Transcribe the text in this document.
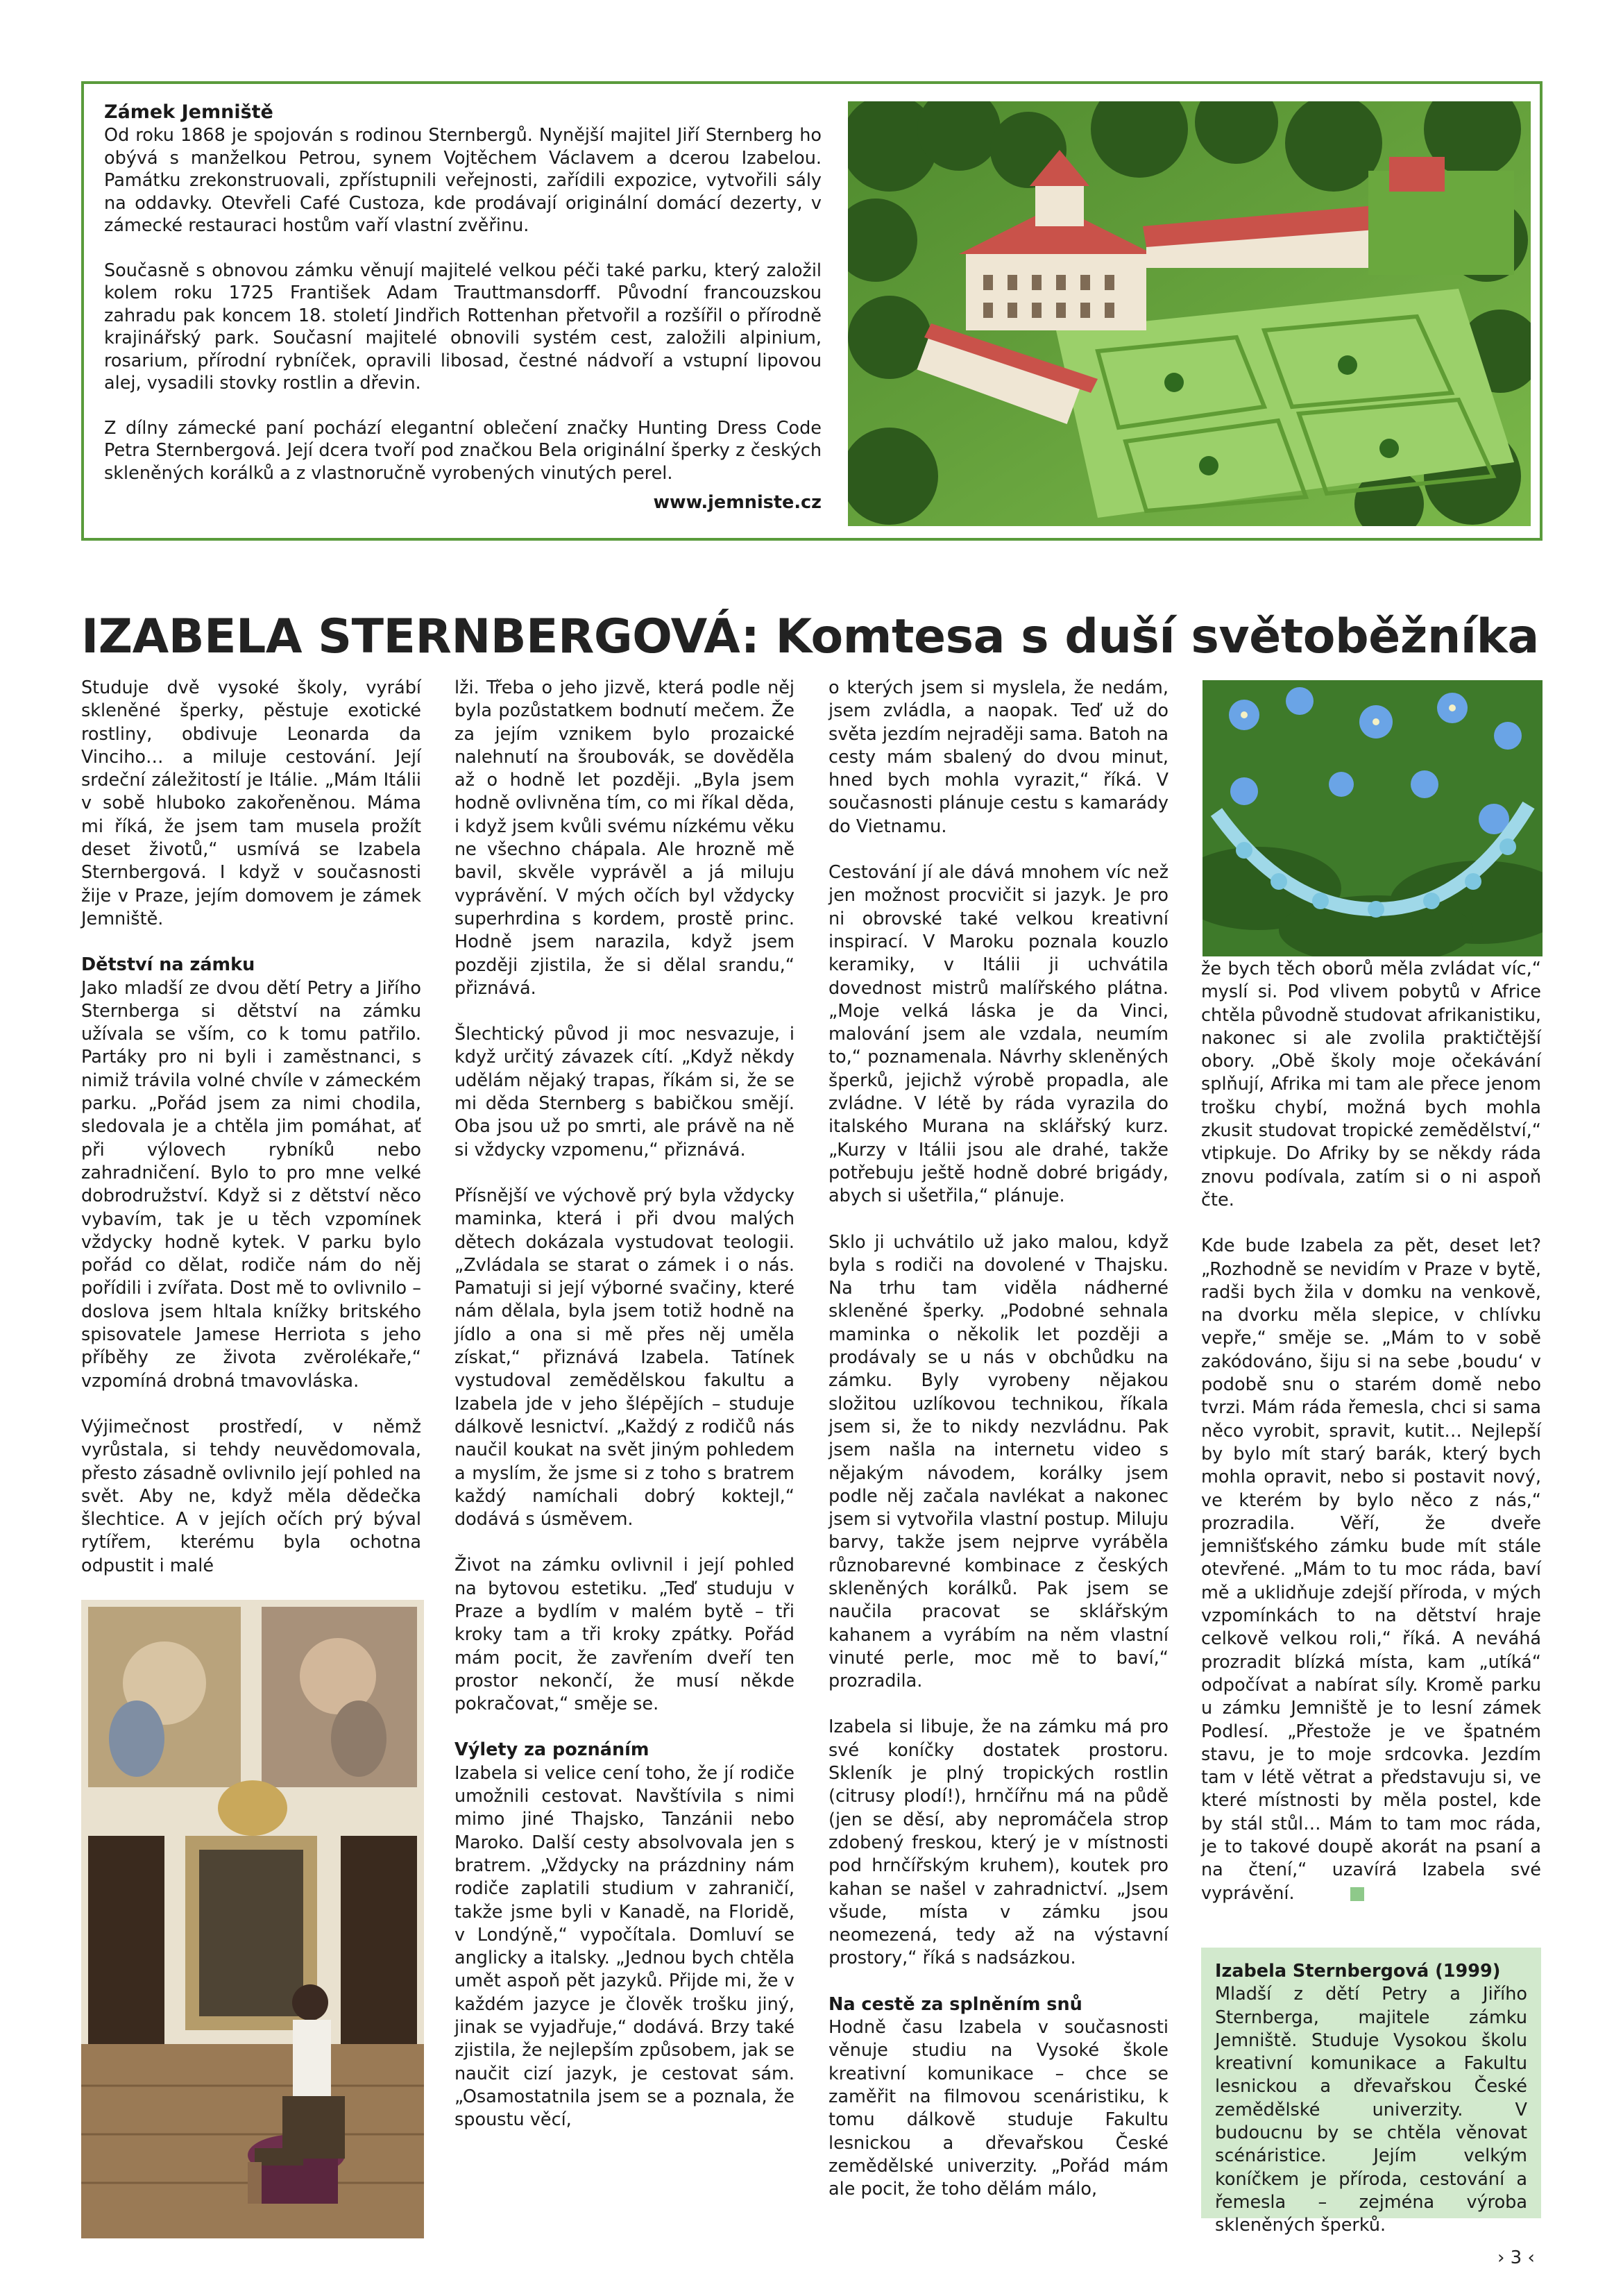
Zámek Jemniště

Od roku 1868 je spojován s rodinou Sternbergů. Nynější majitel Jiří Sternberg ho obývá s manželkou Petrou, synem Vojtěchem Václavem a dcerou Izabelou. Památku zrekonstruovali, zpřístupnili veřejnosti, zařídili expozice, vytvořili sály na oddavky. Otevřeli Café Custoza, kde prodávají originální domácí dezerty, v zámecké restauraci hostům vaří vlastní zvěřinu.

Současně s obnovou zámku věnují majitelé velkou péči také parku, který založil kolem roku 1725 František Adam Trauttmansdorff. Původní francouzskou zahradu pak koncem 18. století Jindřich Rottenhan přetvořil a rozšířil o přírodně krajinářský park. Současní majitelé obnovili systém cest, založili alpinium, rosarium, přírodní rybníček, opravili libosad, čestné nádvoří a vstupní lipovou alej, vysadili stovky rostlin a dřevin.

Z dílny zámecké paní pochází elegantní oblečení značky Hunting Dress Code Petra Sternbergová. Její dcera tvoří pod značkou Bela originální šperky z českých skleněných korálků a z vlastnoručně vyrobených vinutých perel.

www.jemniste.cz
IZABELA STERNBERGOVÁ: Komtesa s duší světoběžníka

Studuje dvě vysoké školy, vyrábí skleněné šperky, pěstuje exotické rostliny, obdivuje Leonarda da Vinciho… a miluje cestování. Její srdeční záležitostí je Itálie. „Mám Itálii v sobě hluboko zakořeněnou. Máma mi říká, že jsem tam musela prožít deset životů,“ usmívá se Izabela Sternbergová. I když v současnosti žije v Praze, jejím domovem je zámek Jemniště.

Dětství na zámku

Jako mladší ze dvou dětí Petry a Jiřího Sternberga si dětství na zámku užívala se vším, co k tomu patřilo. Partáky pro ni byli i zaměstnanci, s nimiž trávila volné chvíle v zámeckém parku. „Pořád jsem za nimi chodila, sledovala je a chtěla jim pomáhat, ať při výlovech rybníků nebo zahradničení. Bylo to pro mne velké dobrodružství. Když si z dětství něco vybavím, tak je u těch vzpomínek vždycky hodně kytek. V parku bylo pořád co dělat, rodiče nám do něj pořídili i zvířata. Dost mě to ovlivnilo – doslova jsem hltala knížky britského spisovatele Jamese Herriota s jeho příběhy ze života zvěrolékaře,“ vzpomíná drobná tmavovláska.

Výjimečnost prostředí, v němž vyrůstala, si tehdy neuvědomovala, přesto zásadně ovlivnilo její pohled na svět. Aby ne, když měla dědečka šlechtice. A v jejích očích prý býval rytířem, kterému byla ochotna odpustit i malé

lži. Třeba o jeho jizvě, která podle něj byla pozůstatkem bodnutí mečem. Že za jejím vznikem bylo prozaické nalehnutí na šroubovák, se dověděla až o hodně let později. „Byla jsem hodně ovlivněna tím, co mi říkal děda, i když jsem kvůli svému nízkému věku ne všechno chápala. Ale hrozně mě bavil, skvěle vyprávěl a já miluju vyprávění. V mých očích byl vždycky superhrdina s kordem, prostě princ. Hodně jsem narazila, když jsem později zjistila, že si dělal srandu,“ přiznává.

Šlechtický původ ji moc nesvazuje, i když určitý závazek cítí. „Když někdy udělám nějaký trapas, říkám si, že se mi děda Sternberg s babičkou smějí. Oba jsou už po smrti, ale právě na ně si vždycky vzpomenu,“ přiznává.

Přísnější ve výchově prý byla vždycky maminka, která i při dvou malých dětech dokázala vystudovat teologii. „Zvládala se starat o zámek i o nás. Pamatuji si její výborné svačiny, které nám dělala, byla jsem totiž hodně na jídlo a ona si mě přes něj uměla získat,“ přiznává Izabela. Tatínek vystudoval zemědělskou fakultu a Izabela jde v jeho šlépějích – studuje dálkově lesnictví. „Každý z rodičů nás naučil koukat na svět jiným pohledem a myslím, že jsme si z toho s bratrem každý namíchali dobrý koktejl,“ dodává s úsměvem.

Život na zámku ovlivnil i její pohled na bytovou estetiku. „Teď studuju v Praze a bydlím v malém bytě – tři kroky tam a tři kroky zpátky. Pořád mám pocit, že zavřením dveří ten prostor nekončí, že musí někde pokračovat,“ směje se.

Výlety za poznáním

Izabela si velice cení toho, že jí rodiče umožnili cestovat. Navštívila s nimi mimo jiné Thajsko, Tanzánii nebo Maroko. Další cesty absolvovala jen s bratrem. „Vždycky na prázdniny nám rodiče zaplatili studium v zahraničí, takže jsme byli v Kanadě, na Floridě, v Londýně,“ vypočítala. Domluví se anglicky a italsky. „Jednou bych chtěla umět aspoň pět jazyků. Přijde mi, že v každém jazyce je člověk trošku jiný, jinak se vyjadřuje,“ dodává. Brzy také zjistila, že nejlepším způsobem, jak se naučit cizí jazyk, je cestovat sám. „Osamostatnila jsem se a poznala, že spoustu věcí,

o kterých jsem si myslela, že nedám, jsem zvládla, a naopak. Teď už do světa jezdím nejraději sama. Batoh na cesty mám sbalený do dvou minut, hned bych mohla vyrazit,“ říká. V současnosti plánuje cestu s kamarády do Vietnamu.

Cestování jí ale dává mnohem víc než jen možnost procvičit si jazyk. Je pro ni obrovské také velkou kreativní inspirací. V Maroku poznala kouzlo keramiky, v Itálii ji uchvátila dovednost mistrů malířského plátna. „Moje velká láska je da Vinci, malování jsem ale vzdala, neumím to,“ poznamenala. Návrhy skleněných šperků, jejichž výrobě propadla, ale zvládne. V létě by ráda vyrazila do italského Murana na sklářský kurz. „Kurzy v Itálii jsou ale drahé, takže potřebuju ještě hodně dobré brigády, abych si ušetřila,“ plánuje.

Sklo ji uchvátilo už jako malou, když byla s rodiči na dovolené v Thajsku. Na trhu tam viděla nádherné skleněné šperky. „Podobné sehnala maminka o několik let později a prodávaly se u nás v obchůdku na zámku. Byly vyrobeny nějakou složitou uzlíkovou technikou, říkala jsem si, že to nikdy nezvládnu. Pak jsem našla na internetu video s nějakým návodem, korálky jsem podle něj začala navlékat a nakonec jsem si vytvořila vlastní postup. Miluju barvy, takže jsem nejprve vyráběla různobarevné kombinace z českých skleněných korálků. Pak jsem se naučila pracovat se sklářským kahanem a vyrábím na něm vlastní vinuté perle, moc mě to baví,“ prozradila.

Izabela si libuje, že na zámku má pro své koníčky dostatek prostoru. Skleník je plný tropických rostlin (citrusy plodí!), hrnčířnu má na půdě (jen se děsí, aby nepromáčela strop zdobený freskou, který je v místnosti pod hrnčířským kruhem), koutek pro kahan se našel v zahradnictví. „Jsem všude, místa v zámku jsou neomezená, tedy až na výstavní prostory,“ říká s nadsázkou.

Na cestě za splněním snů

Hodně času Izabela v současnosti věnuje studiu na Vysoké škole kreativní komunikace – chce se zaměřit na filmovou scenáristiku, k tomu dálkově studuje Fakultu lesnickou a dřevařskou České zemědělské univerzity. „Pořád mám ale pocit, že toho dělám málo,

že bych těch oborů měla zvládat víc,“ myslí si. Pod vlivem pobytů v Africe chtěla původně studovat afrikanistiku, nakonec si ale zvolila praktičtější obory. „Obě školy moje očekávání splňují, Afrika mi tam ale přece jenom trošku chybí, možná bych mohla zkusit studovat tropické zemědělství,“ vtipkuje. Do Afriky by se někdy ráda znovu podívala, zatím si o ni aspoň čte.

Kde bude Izabela za pět, deset let? „Rozhodně se nevidím v Praze v bytě, radši bych žila v domku na venkově, na dvorku měla slepice, v chlívku vepře,“ směje se. „Mám to v sobě zakódováno, šiju si na sebe ‚boudu‘ v podobě snu o starém domě nebo tvrzi. Mám ráda řemesla, chci si sama něco vyrobit, spravit, kutit… Nejlepší by bylo mít starý barák, který bych mohla opravit, nebo si postavit nový, ve kterém by bylo něco z nás,“ prozradila. Věří, že dveře jemnišťského zámku bude mít stále otevřené. „Mám to tu moc ráda, baví mě a uklidňuje zdejší příroda, v mých vzpomínkách to na dětství hraje celkově velkou roli,“ říká. A neváhá prozradit blízká místa, kam „utíká“ odpočívat a nabírat síly. Kromě parku u zámku Jemniště je to lesní zámek Podlesí. „Přestože je ve špatném stavu, je to moje srdcovka. Jezdím tam v létě větrat a představuju si, ve které místnosti by měla postel, kde by stál stůl… Mám to tam moc ráda, je to takové doupě akorát na psaní a na čtení,“ uzavírá Izabela své vyprávění.

Izabela Sternbergová (1999)
Mladší z dětí Petry a Jiřího Sternberga, majitele zámku Jemniště. Studuje Vysokou školu kreativní komunikace a Fakultu lesnickou a dřevařskou České zemědělské univerzity. V budoucnu by se chtěla věnovat scénáristice. Jejím velkým koníčkem je příroda, cestování a řemesla – zejména výroba skleněných šperků.
› 3 ‹
